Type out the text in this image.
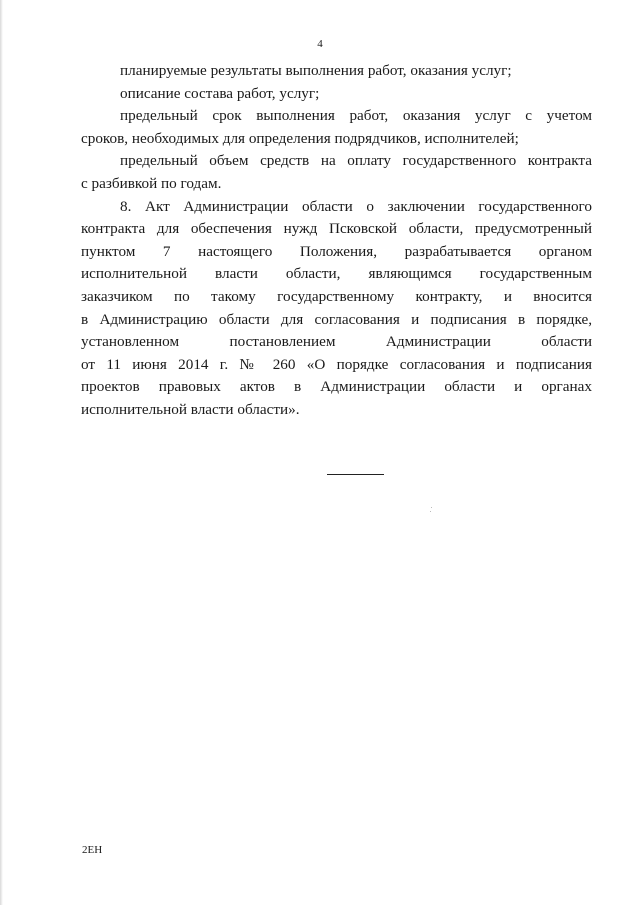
4
планируемые результаты выполнения работ, оказания услуг;
описание состава работ, услуг;
предельный срок выполнения работ, оказания услуг с учетом
сроков, необходимых для определения подрядчиков, исполнителей;
предельный объем средств на оплату государственного контракта
с разбивкой по годам.
8. Акт Администрации области о заключении государственного
контракта для обеспечения нужд Псковской области, предусмотренный
пунктом 7 настоящего Положения, разрабатывается органом
исполнительной власти области, являющимся государственным
заказчиком по такому государственному контракту, и вносится
в Администрацию области для согласования и подписания в порядке,
установленном постановлением Администрации области
от 11 июня 2014 г. № 260 «О порядке согласования и подписания
проектов правовых актов в Администрации области и органах
исполнительной власти области».
2ЕН
